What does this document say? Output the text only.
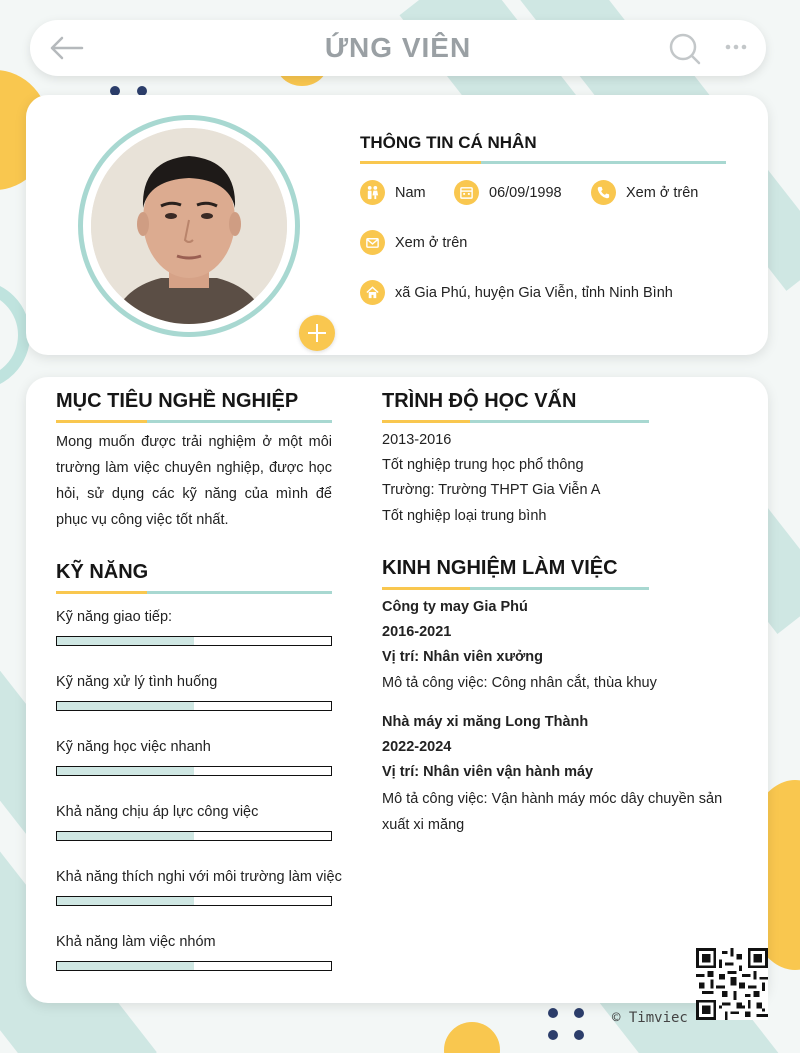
ỨNG VIÊN
THÔNG TIN CÁ NHÂN
Nam	06/09/1998	Xem ở trên
Xem ở trên
xã Gia Phú, huyện Gia Viễn, tỉnh Ninh Bình
MỤC TIÊU NGHỀ NGHIỆP
Mong muốn được trải nghiệm ở một môi trường làm việc chuyên nghiệp, được học hỏi, sử dụng các kỹ năng của mình để phục vụ công việc tốt nhất.
KỸ NĂNG
Kỹ năng giao tiếp:
Kỹ năng xử lý tình huống
Kỹ năng học việc nhanh
Khả năng chịu áp lực công việc
Khả năng thích nghi với môi trường làm việc
Khả năng làm việc nhóm
TRÌNH ĐỘ HỌC VẤN
2013-2016
Tốt nghiệp trung học phổ thông
Trường: Trường THPT Gia Viễn A
Tốt nghiệp loại trung bình
KINH NGHIỆM LÀM VIỆC
Công ty may Gia Phú
2016-2021
Vị trí: Nhân viên xưởng
Mô tả công việc: Công nhân cắt, thùa khuy
Nhà máy xi măng Long Thành
2022-2024
Vị trí: Nhân viên vận hành máy
Mô tả công việc: Vận hành máy móc dây chuyền sản xuất xi măng
© Timviec
